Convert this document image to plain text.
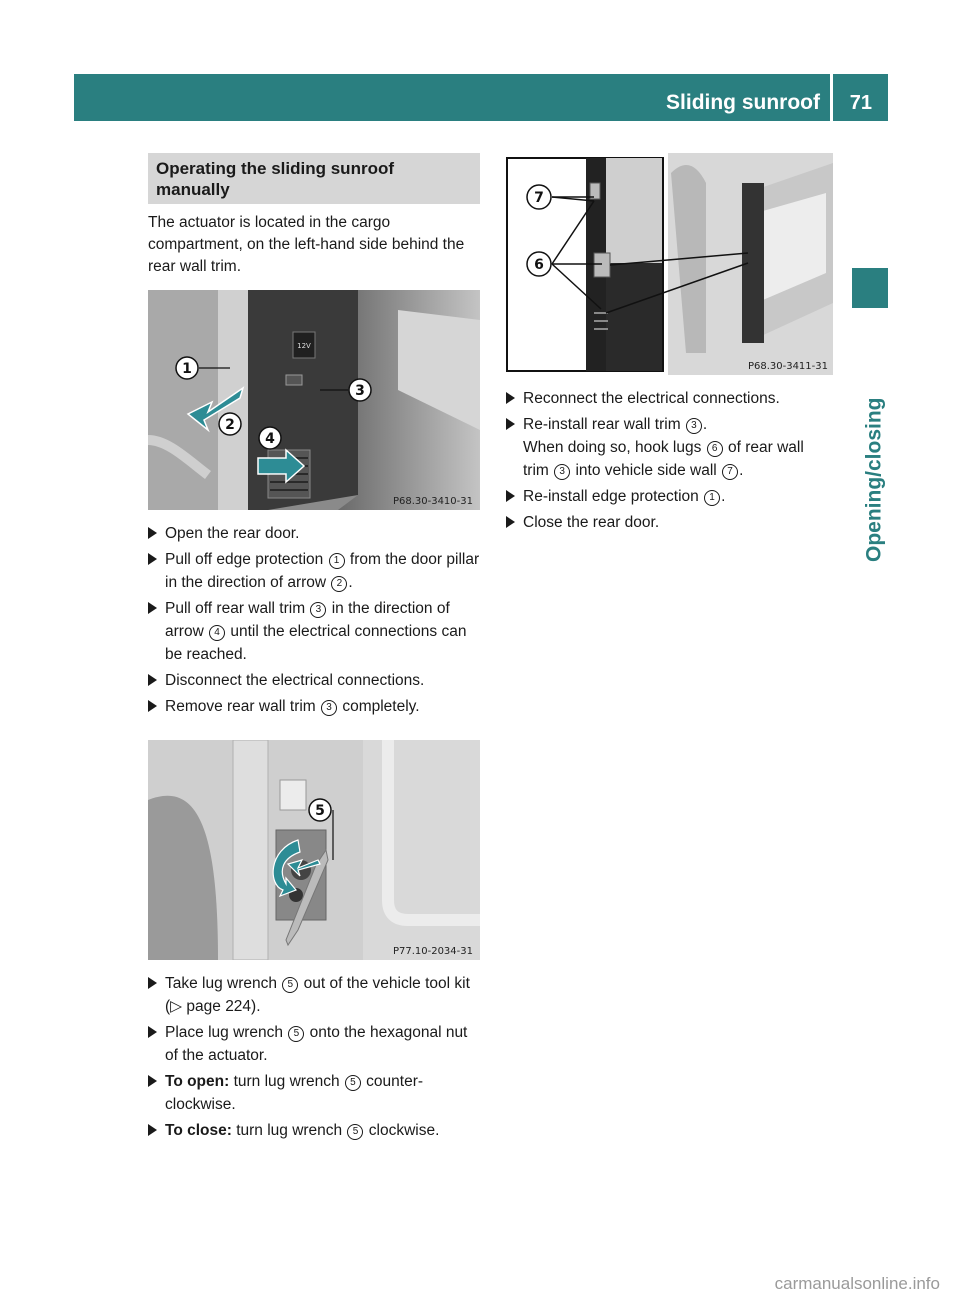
Sliding sunroof 71
Opening/closing
Operating the sliding sunroof manually

The actuator is located in the cargo compartment, on the left-hand side behind the rear wall trim.

12V
1
2
3
4
P68.30-3410-31
Open the rear door.
Pull off edge protection 1 from the door pillar in the direction of arrow 2 .
Pull off rear wall trim 3 in the direction of arrow 4 until the electrical connections can be reached.
Disconnect the electrical connections.
Remove rear wall trim 3 completely.
5
P77.10-2034-31
Take lug wrench 5 out of the vehicle tool kit (▷ page 224).
Place lug wrench 5 onto the hexagonal nut of the actuator.
To open: turn lug wrench 5 counter-clockwise.
To close: turn lug wrench 5 clockwise.
7
6
P68.30-3411-31
Reconnect the electrical connections.
Re-install rear wall trim 3 .
When doing so, hook lugs 6 of rear wall trim 3 into vehicle side wall 7 .
Re-install edge protection 1 .
Close the rear door.
carmanualsonline.info
